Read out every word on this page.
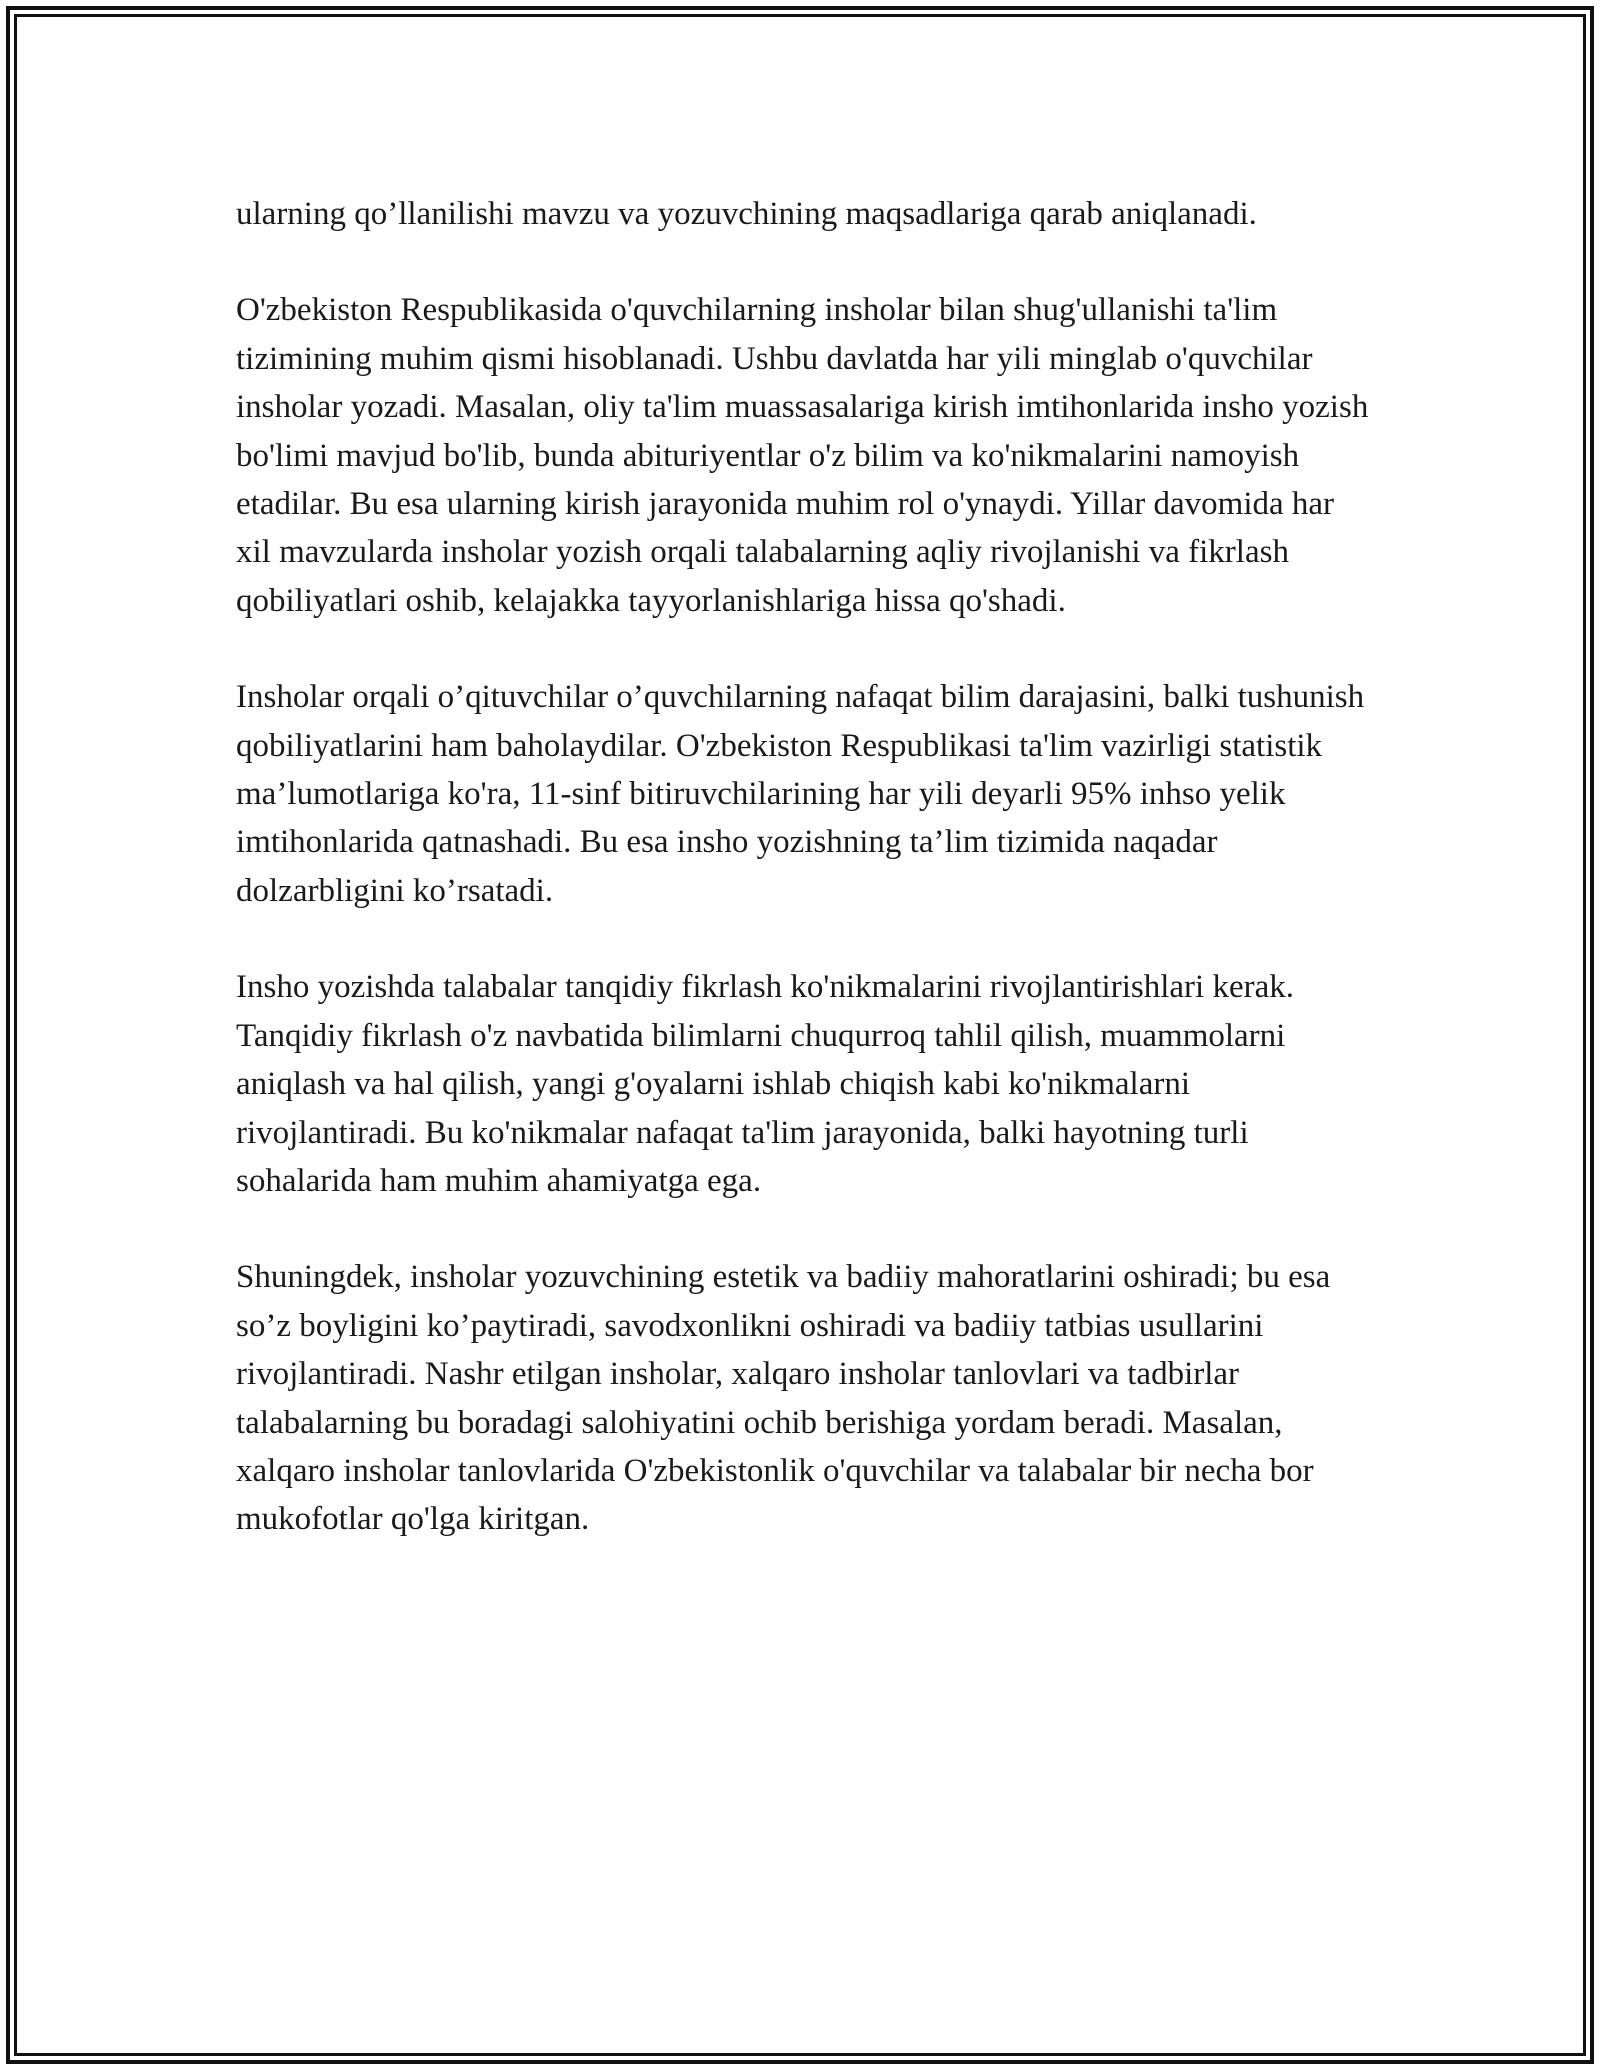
ularning qo’llanilishi mavzu va yozuvchining maqsadlariga qarab aniqlanadi.

O'zbekiston Respublikasida o'quvchilarning insholar bilan shug'ullanishi ta'lim tizimining muhim qismi hisoblanadi. Ushbu davlatda har yili minglab o'quvchilar insholar yozadi. Masalan, oliy ta'lim muassasalariga kirish imtihonlarida insho yozish bo'limi mavjud bo'lib, bunda abituriyentlar o'z bilim va ko'nikmalarini namoyish etadilar. Bu esa ularning kirish jarayonida muhim rol o'ynaydi. Yillar davomida har xil mavzularda insholar yozish orqali talabalarning aqliy rivojlanishi va fikrlash qobiliyatlari oshib, kelajakka tayyorlanishlariga hissa qo'shadi.

Insholar orqali o’qituvchilar o’quvchilarning nafaqat bilim darajasini, balki tushunish qobiliyatlarini ham baholaydilar. O'zbekiston Respublikasi ta'lim vazirligi statistik ma’lumotlariga ko'ra, 11-sinf bitiruvchilarining har yili deyarli 95% inhso yelik imtihonlarida qatnashadi. Bu esa insho yozishning ta’lim tizimida naqadar dolzarbligini ko’rsatadi.

Insho yozishda talabalar tanqidiy fikrlash ko'nikmalarini rivojlantirishlari kerak. Tanqidiy fikrlash o'z navbatida bilimlarni chuqurroq tahlil qilish, muammolarni aniqlash va hal qilish, yangi g'oyalarni ishlab chiqish kabi ko'nikmalarni rivojlantiradi. Bu ko'nikmalar nafaqat ta'lim jarayonida, balki hayotning turli sohalarida ham muhim ahamiyatga ega.

Shuningdek, insholar yozuvchining estetik va badiiy mahoratlarini oshiradi; bu esa so’z boyligini ko’paytiradi, savodxonlikni oshiradi va badiiy tatbias usullarini rivojlantiradi. Nashr etilgan insholar, xalqaro insholar tanlovlari va tadbirlar talabalarning bu boradagi salohiyatini ochib berishiga yordam beradi. Masalan, xalqaro insholar tanlovlarida O'zbekistonlik o'quvchilar va talabalar bir necha bor mukofotlar qo'lga kiritgan.
